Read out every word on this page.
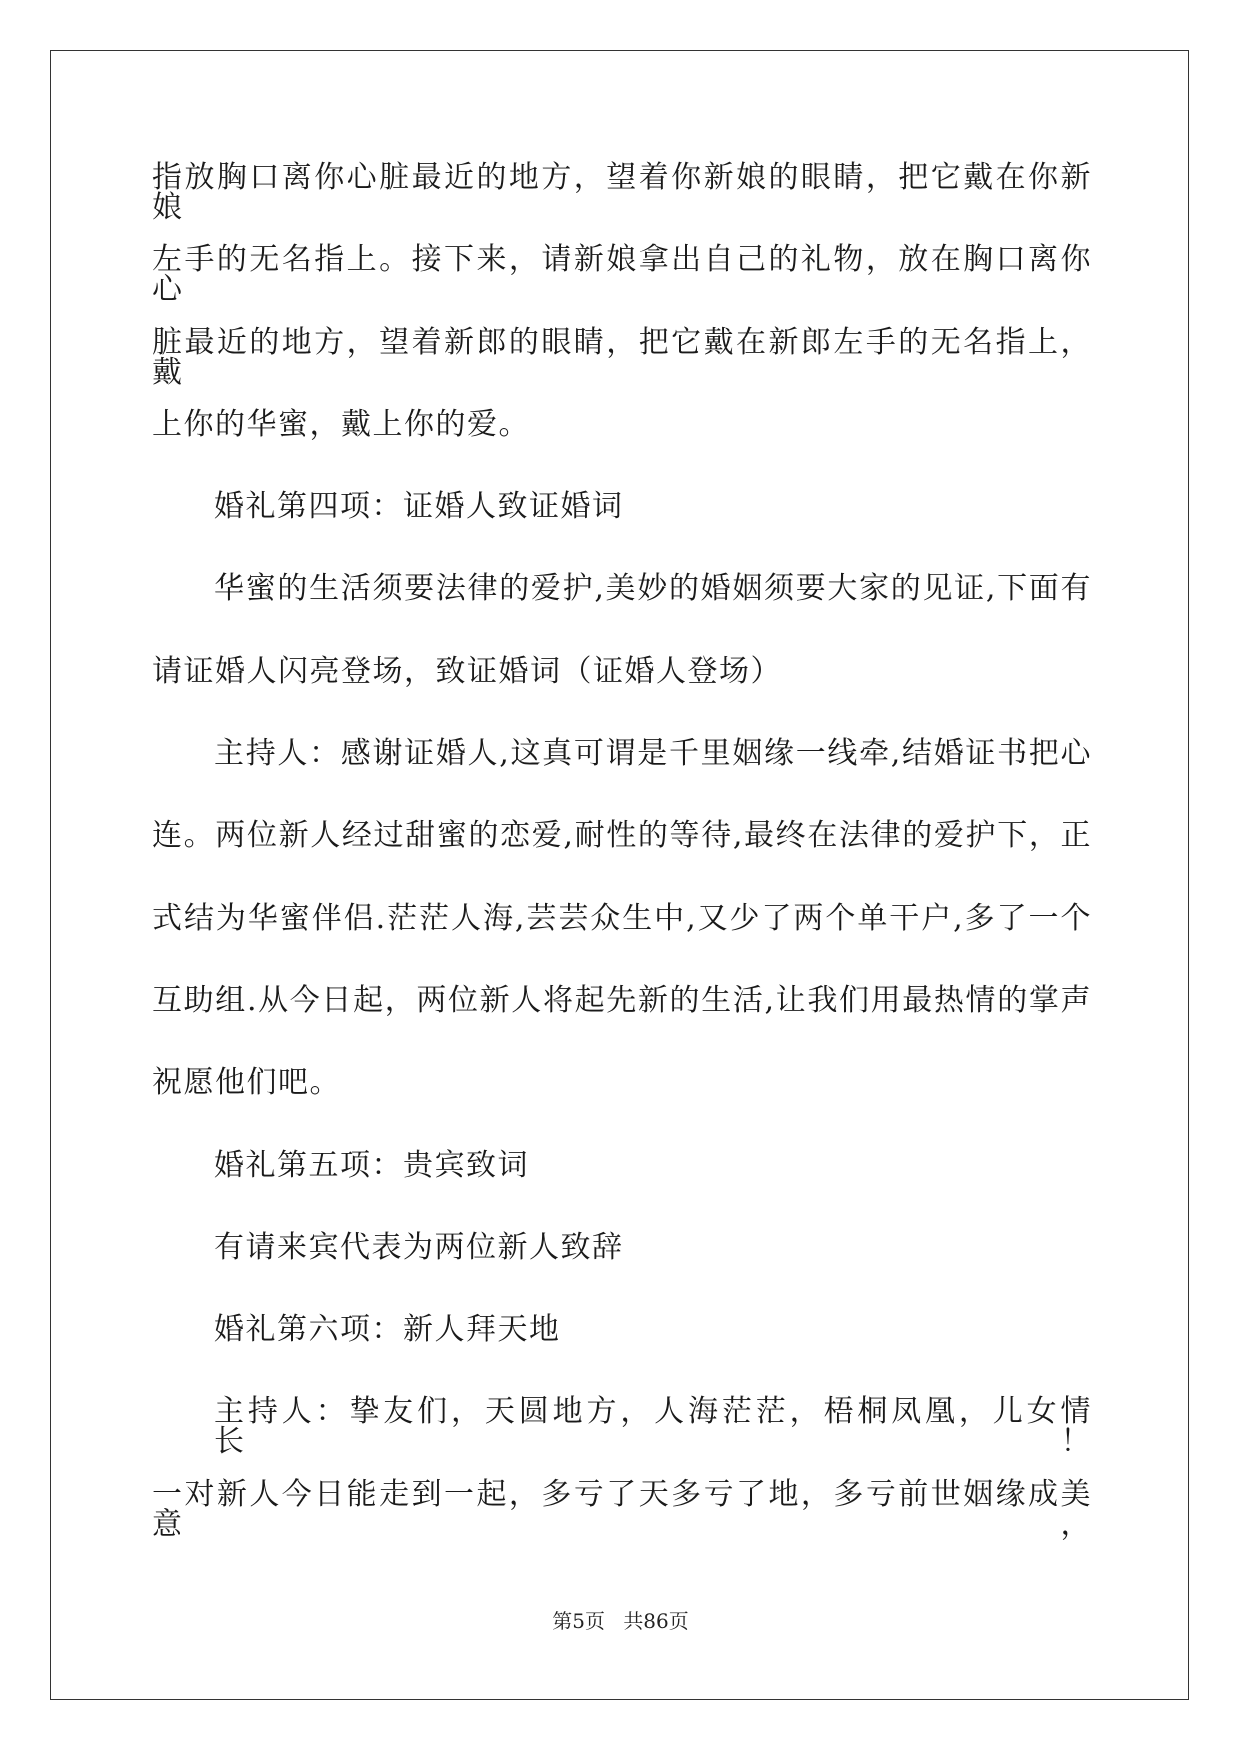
指放胸口离你心脏最近的地方，望着你新娘的眼睛，把它戴在你新娘
左手的无名指上。接下来，请新娘拿出自己的礼物，放在胸口离你心
脏最近的地方，望着新郎的眼睛，把它戴在新郎左手的无名指上，戴
上你的华蜜，戴上你的爱。
婚礼第四项：证婚人致证婚词
华蜜的生活须要法律的爱护,美妙的婚姻须要大家的见证,下面有
请证婚人闪亮登场，致证婚词（证婚人登场）
主持人：感谢证婚人,这真可谓是千里姻缘一线牵,结婚证书把心
连。两位新人经过甜蜜的恋爱,耐性的等待,最终在法律的爱护下，正
式结为华蜜伴侣.茫茫人海,芸芸众生中,又少了两个单干户,多了一个
互助组.从今日起，两位新人将起先新的生活,让我们用最热情的掌声
祝愿他们吧。
婚礼第五项：贵宾致词
有请来宾代表为两位新人致辞
婚礼第六项：新人拜天地
主持人：挚友们，天圆地方，人海茫茫，梧桐凤凰，儿女情长！
一对新人今日能走到一起，多亏了天多亏了地，多亏前世姻缘成美意，
第5页 共86页
